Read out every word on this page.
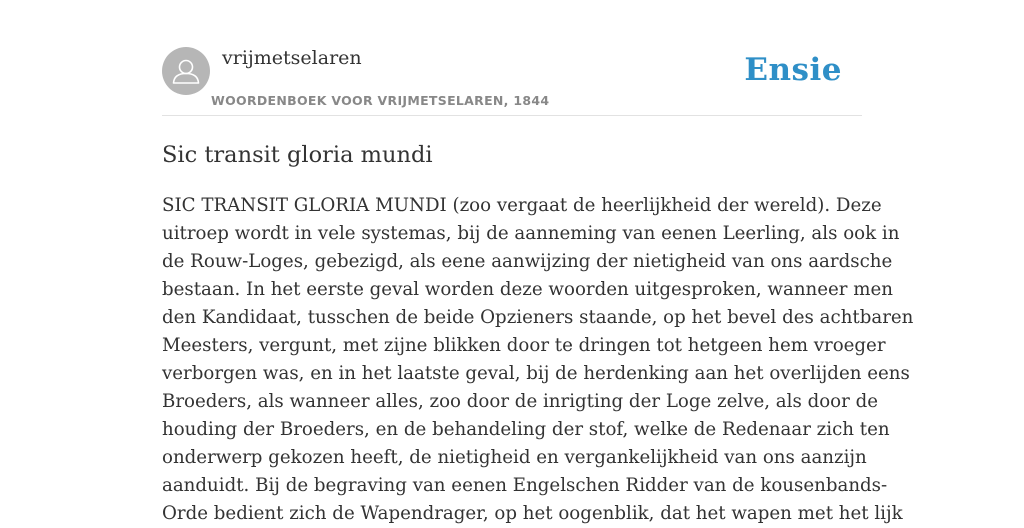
vrijmetselaren
WOORDENBOEK VOOR VRIJMETSELAREN, 1844
Ensie
Sic transit gloria mundi
SIC TRANSIT GLORIA MUNDI (zoo vergaat de heerlijkheid der wereld). Deze
uitroep wordt in vele systemas, bij de aanneming van eenen Leerling, als ook in
de Rouw-Loges, gebezigd, als eene aanwijzing der nietigheid van ons aardsche
bestaan. In het eerste geval worden deze woorden uitgesproken, wanneer men
den Kandidaat, tusschen de beide Opzieners staande, op het bevel des achtbaren
Meesters, vergunt, met zijne blikken door te dringen tot hetgeen hem vroeger
verborgen was, en in het laatste geval, bij de herdenking aan het overlijden eens
Broeders, als wanneer alles, zoo door de inrigting der Loge zelve, als door de
houding der Broeders, en de behandeling der stof, welke de Redenaar zich ten
onderwerp gekozen heeft, de nietigheid en vergankelijkheid van ons aanzijn
aanduidt. Bij de begraving van eenen Engelschen Ridder van de kousenbands-
Orde bedient zich de Wapendrager, op het oogenblik, dat het wapen met het lijk
